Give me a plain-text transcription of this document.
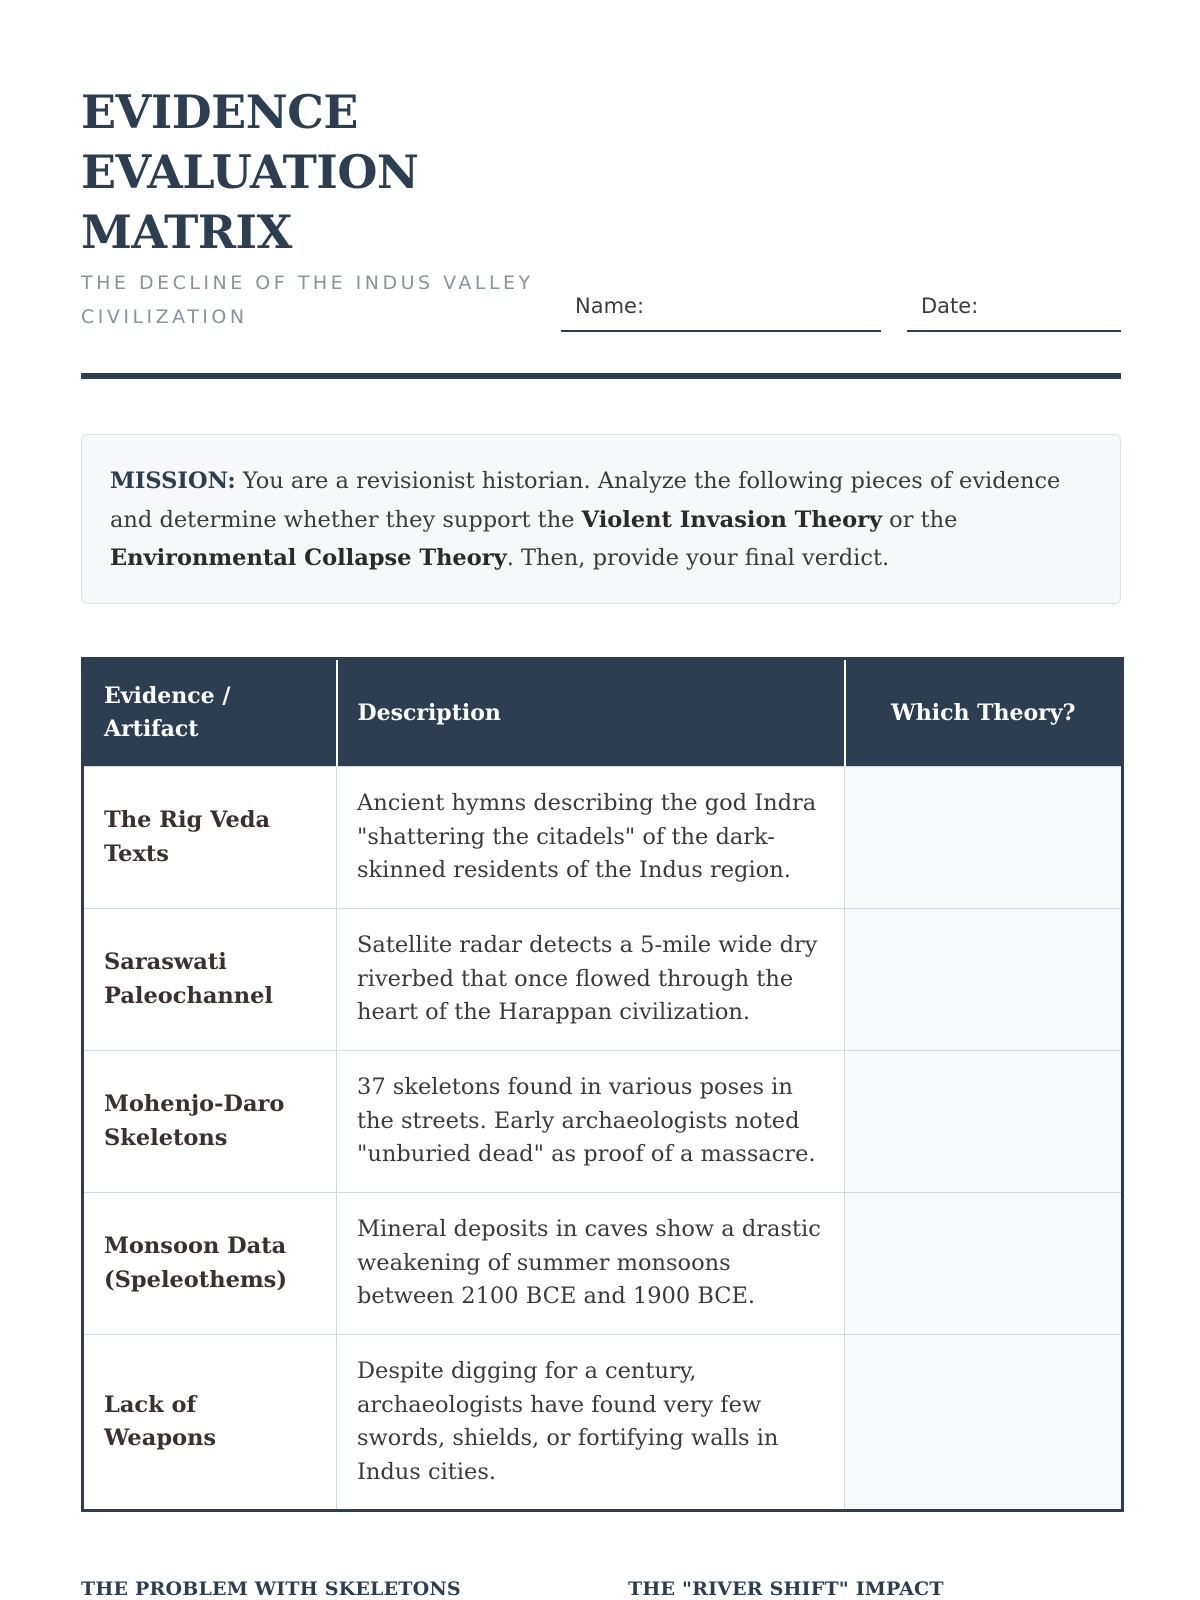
EVIDENCE EVALUATION MATRIX
THE DECLINE OF THE INDUS VALLEY CIVILIZATION	Name:	Date:
MISSION: You are a revisionist historian. Analyze the following pieces of evidence and determine whether they support the Violent Invasion Theory or the Environmental Collapse Theory. Then, provide your final verdict.
Evidence / Artifact	Description	Which Theory?
The Rig Veda Texts	Ancient hymns describing the god Indra "shattering the citadels" of the dark-skinned residents of the Indus region.	
Saraswati Paleochannel	Satellite radar detects a 5-mile wide dry riverbed that once flowed through the heart of the Harappan civilization.	
Mohenjo-Daro Skeletons	37 skeletons found in various poses in the streets. Early archaeologists noted "unburied dead" as proof of a massacre.	
Monsoon Data (Speleothems)	Mineral deposits in caves show a drastic weakening of summer monsoons between 2100 BCE and 1900 BCE.	
Lack of Weapons	Despite digging for a century, archaeologists have found very few swords, shields, or fortifying walls in Indus cities.	
THE PROBLEM WITH SKELETONS	THE "RIVER SHIFT" IMPACT
